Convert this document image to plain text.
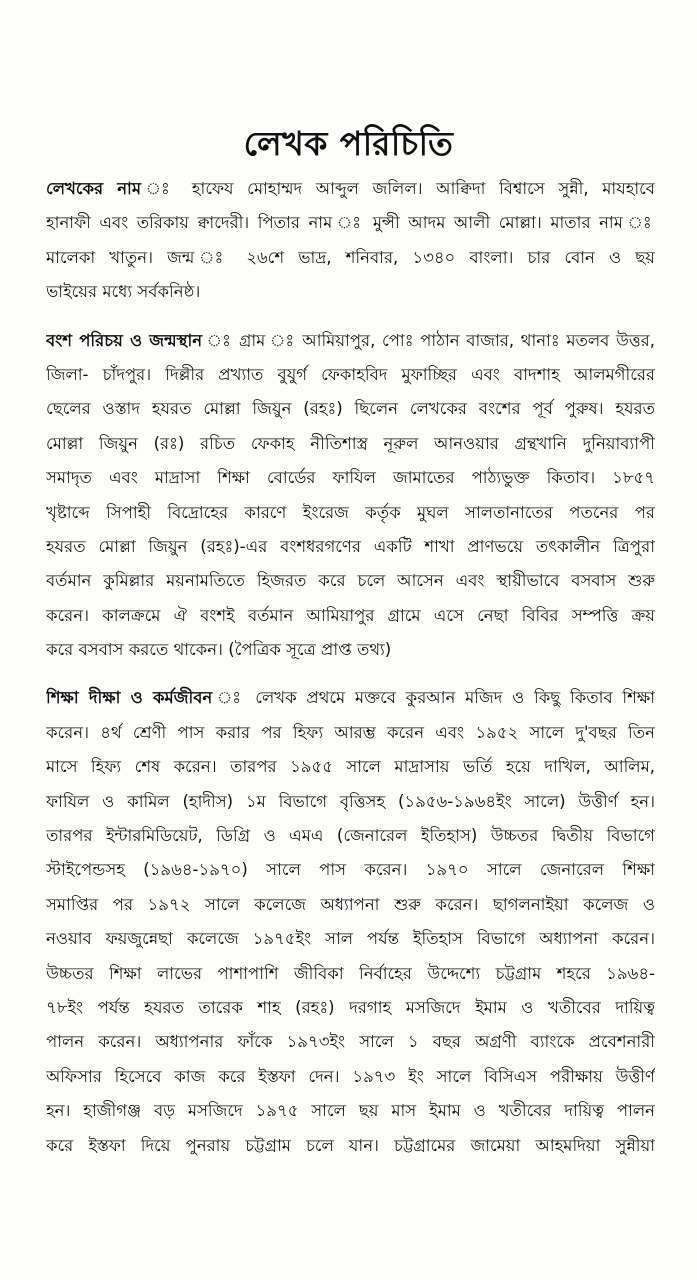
লেখক পরিচিতি
লেখকের নাম ঃ হাফেয মোহাম্মদ আব্দুল জলিল। আক্বিদা বিশ্বাসে সুন্নী, মাযহাবে
হানাফী এবং তরিকায় ক্বাদেরী। পিতার নাম ঃ মুন্সী আদম আলী মোল্লা। মাতার নাম ঃ
মালেকা খাতুন। জন্ম ঃ ২৬শে ভাদ্র, শনিবার, ১৩৪০ বাংলা। চার বোন ও ছয়
ভাইয়ের মধ্যে সর্বকনিষ্ঠ।
বংশ পরিচয় ও জন্মস্থান ঃ গ্রাম ঃ আমিয়াপুর, পোঃ পাঠান বাজার, থানাঃ মতলব উত্তর,
জিলা- চাঁদপুর। দিল্লীর প্রখ্যাত বুযুর্গ ফেকাহবিদ মুফাচ্ছির এবং বাদশাহ আলমগীরের
ছেলের ওস্তাদ হযরত মোল্লা জিয়ুন (রহঃ) ছিলেন লেখকের বংশের পূর্ব পুরুষ। হযরত
মোল্লা জিয়ুন (রঃ) রচিত ফেকাহ নীতিশাস্ত্র নূরুল আনওয়ার গ্রন্থখানি দুনিয়াব্যাপী
সমাদৃত এবং মাদ্রাসা শিক্ষা বোর্ডের ফাযিল জামাতের পাঠ্যভুক্ত কিতাব। ১৮৫৭
খৃষ্টাব্দে সিপাহী বিদ্রোহের কারণে ইংরেজ কর্তৃক মুঘল সালতানাতের পতনের পর
হযরত মোল্লা জিয়ুন (রহঃ)-এর বংশধরগণের একটি শাখা প্রাণভয়ে তৎকালীন ত্রিপুরা
বর্তমান কুমিল্লার ময়নামতিতে হিজরত করে চলে আসেন এবং স্থায়ীভাবে বসবাস শুরু
করেন। কালক্রমে ঐ বংশই বর্তমান আমিয়াপুর গ্রামে এসে নেছা বিবির সম্পত্তি ক্রয়
করে বসবাস করতে থাকেন। (পৈত্রিক সূত্রে প্রাপ্ত তথ্য)
শিক্ষা দীক্ষা ও কর্মজীবন ঃ লেখক প্রথমে মক্তবে কুরআন মজিদ ও কিছু কিতাব শিক্ষা
করেন। ৪র্থ শ্রেণী পাস করার পর হিফ্য আরম্ভ করেন এবং ১৯৫২ সালে দু'বছর তিন
মাসে হিফ্য শেষ করেন। তারপর ১৯৫৫ সালে মাদ্রাসায় ভর্তি হয়ে দাখিল, আলিম,
ফাযিল ও কামিল (হাদীস) ১ম বিভাগে বৃত্তিসহ (১৯৫৬-১৯৬৪ইং সালে) উত্তীর্ণ হন।
তারপর ইন্টারমিডিয়েট, ডিগ্রি ও এমএ (জেনারেল ইতিহাস) উচ্চতর দ্বিতীয় বিভাগে
স্টাইপেন্ডসহ (১৯৬৪-১৯৭০) সালে পাস করেন। ১৯৭০ সালে জেনারেল শিক্ষা
সমাপ্তির পর ১৯৭২ সালে কলেজে অধ্যাপনা শুরু করেন। ছাগলনাইয়া কলেজ ও
নওয়াব ফয়জুন্নেছা কলেজে ১৯৭৫ইং সাল পর্যন্ত ইতিহাস বিভাগে অধ্যাপনা করেন।
উচ্চতর শিক্ষা লাভের পাশাপাশি জীবিকা নির্বাহের উদ্দেশ্যে চট্টগ্রাম শহরে ১৯৬৪-
৭৮ইং পর্যন্ত হযরত তারেক শাহ (রহঃ) দরগাহ মসজিদে ইমাম ও খতীবের দায়িত্ব
পালন করেন। অধ্যাপনার ফাঁকে ১৯৭৩ইং সালে ১ বছর অগ্রণী ব্যাংকে প্রবেশনারী
অফিসার হিসেবে কাজ করে ইস্তফা দেন। ১৯৭৩ ইং সালে বিসিএস পরীক্ষায় উত্তীর্ণ
হন। হাজীগঞ্জ বড় মসজিদে ১৯৭৫ সালে ছয় মাস ইমাম ও খতীবের দায়িত্ব পালন
করে ইস্তফা দিয়ে পুনরায় চট্টগ্রাম চলে যান। চট্টগ্রামের জামেয়া আহমদিয়া সুন্নীয়া
